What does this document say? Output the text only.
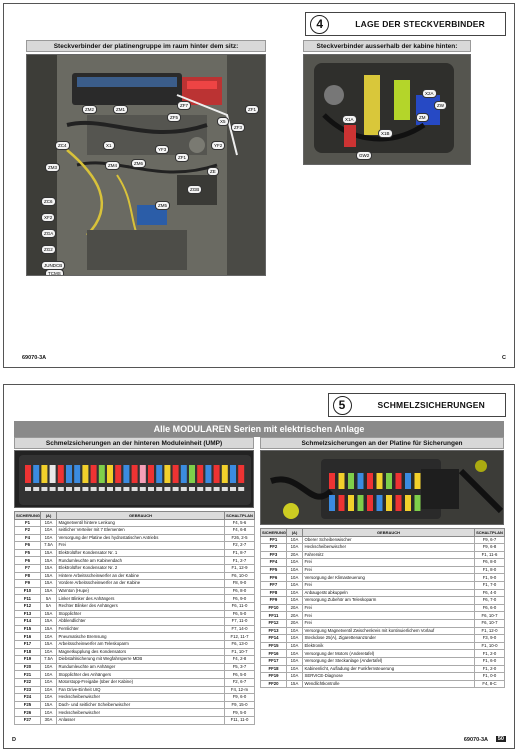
4	LAGE DER STECKVERBINDER
Steckverbinder der platinengruppe im raum hinter dem sitz:	Steckverbinder ausserhalb der kabine hinten:
ZF7
ZF5
ZF1
ZF3
ZM2	ZM1
X5
X1
ZM3	ZM4	ZM6
YF2
YF3
ZF1
ZC4
ZM5
ZC6
XF2
ZGA
ZG2
ZGB
ZE
JUNDCB
TCMS
X1A
X2A
ZW
ZM
X1B
GW2
69070-3A	C
5	SCHMELZSICHERUNGEN
Alle MODULAREN Serien mit elektrischen Anlage
Schmelzsicherungen an der hinteren Moduleinheit (UMP)	Schmelzsicherungen an der Platine für Sicherungen
SICHERUNG	(A)	GEBRAUCH	SCHALTPLAN
F1	10A	Magnetventil hintere Lenkung	F4, 5-6
F2	10A	seitlicher Verteiler mit 7 Elementen	F4, 6-8
F4	10A	Versorgung der Platine des hydrostatischen Antriebs	F26, 2-5
F6	7.5A	Frei	F2, 2-7
F5	15A	Elektrolüfter Kondensator Nr. 1	F1, 8-7
F6	15A	Rundumleuchte am Kabinendach	F1, 2-7
F7	15A	Elektrolüfter Kondensator Nr. 2	F1, 12-9
F8	15A	Hintere Arbeitsscheinwerfer an der Kabine	F6, 10-0
F9	15A	Vordere Arbeitsscheinwerfer an der Kabine	F8, 9-0
F10	15A	Warnton (Hupe)	F6, 8-0
F11	5A	Linker Blinker des Anhängers	F6, 9-0
F12	5A	Rechter Blinker des Anhängers	F6, 11-0
F13	15A	Stopplichter	F6, 5-0
F14	15A	Abblendlichter	F7, 11-0
F15	15A	Fernlichter	F7, 14-0
F16	10A	Pneumatische Bremsung	F12, 11-7
F17	15A	Arbeitsscheinwerfer am Teleskoparm	F6, 13-0
F18	10A	Magnetkupplung des Kondensators	F1, 10-7
F19	7.5A	Diebstahlsicherung mit Wegfahrsperre MDB	F4, 2-8
F20	10A	Rundumleuchte am Anhänger	F5, 3-7
F21	10A	Stopplichter des Anhängers	F6, 5-0
F22	10A	Motorstopp-Freigabe (über der Kabine)	F2, 6-7
F23	10A	Fan Drive-Einheit UIQ	F4, 12-m
F24	10A	Heckscheibenwischer	F9, 6-0
F25	15A	Dach- und seitlicher Scheibenwischer	F9, 15-0
F26	10A	Heckscheibenwischer	F9, 5-0
F27	30A	Anlasser	F11, 11-0
SICHERUNG	(A)	GEBRAUCH	SCHALTPLAN
FF1	10A	Oberer Scheibenwischer	F9, 6-7
FF2	10A	Heckscheibenwischer	F9, 6-8
FF3	20A	Fahrersitz	F1, 11-6
FF4	10A	Frei	F6, 8-0
FF5	10A	Frei	F1, 8-0
FF6	10A	Versorgung der Klimasteuerung	F1, 9-0
FF7	10A	Frei	F1, 7-0
FF8	10A	Anbaugerät abkuppeln	F6, 4-0
FF9	10A	Versorgung Zubehör am Teleskoparm	F6, 7-0
FF10	20A	Frei	F6, 6-0
FF11	20A	Frei	F6, 10-7
FF12	20A	Frei	F6, 10-7
FF13	10A	Versorgung Magnetventil Zwischenkreis mit kontinuierlichem Vorlauf	F1, 12-0
FF14	10A	Steckdose 25(A), Zigarettenanzünder	F3, 9-0
FF15	10A	Elektronik	F1, 10-0
FF16	10A	Versorgung der Motors (Anderetafel)	F1, 2-0
FF17	10A	Versorgung der Steckanlage (Andertafel)	F1, 6-0
FF18	10A	Kabinenlicht, Aufladung der Funkfernsteuerung	F1, 2-0
FF19	10A	SERVICE-Diagnose	F1, 0-0
FF20	15A	Wendlichtkontrolle	F4, 8-C
D	69070-3A	50
